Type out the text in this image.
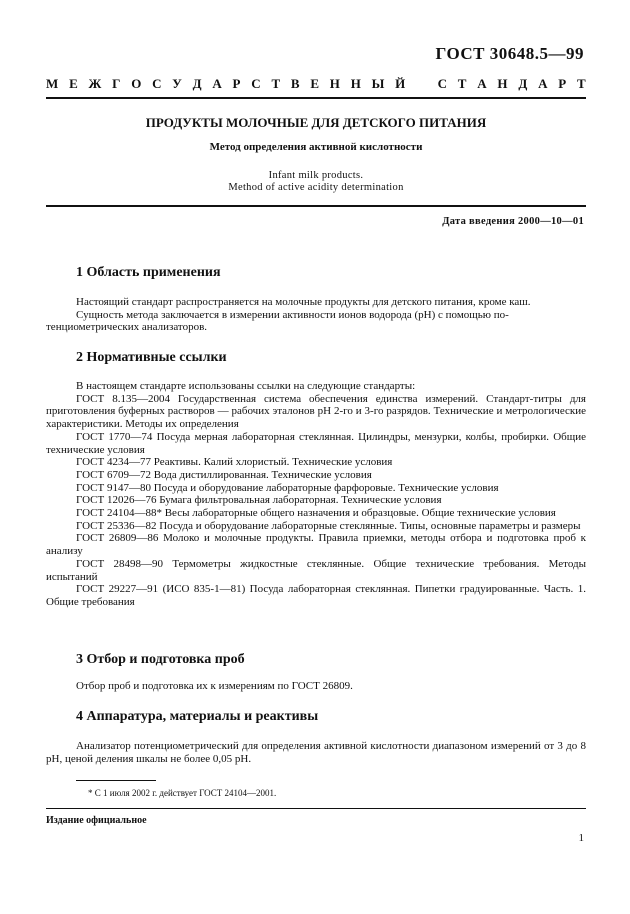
ГОСТ 30648.5—99
М Е Ж Г О С У Д А Р С Т В Е Н Н Ы Й С Т А Н Д А Р Т
ПРОДУКТЫ МОЛОЧНЫЕ ДЛЯ ДЕТСКОГО ПИТАНИЯ
Метод определения активной кислотности
Infant milk products.
Method of active acidity determination
Дата введения 2000—10—01
1 Область применения

Настоящий стандарт распространяется на молочные продукты для детского питания, кроме каш.

Сущность метода заключается в измерении активности ионов водорода (pH) с помощью по-

тенциометрических анализаторов.

2 Нормативные ссылки

В настоящем стандарте использованы ссылки на следующие стандарты:

ГОСТ 8.135—2004 Государственная система обеспечения единства измерений. Стандарт-титры для приготовления буферных растворов — рабочих эталонов pH 2-го и 3-го разрядов. Технические и метрологические характеристики. Методы их определения

ГОСТ 1770—74 Посуда мерная лабораторная стеклянная. Цилиндры, мензурки, колбы, пробирки. Общие технические условия

ГОСТ 4234—77 Реактивы. Калий хлористый. Технические условия

ГОСТ 6709—72 Вода дистиллированная. Технические условия

ГОСТ 9147—80 Посуда и оборудование лабораторные фарфоровые. Технические условия

ГОСТ 12026—76 Бумага фильтровальная лабораторная. Технические условия

ГОСТ 24104—88* Весы лабораторные общего назначения и образцовые. Общие технические условия

ГОСТ 25336—82 Посуда и оборудование лабораторные стеклянные. Типы, основные параметры и размеры

ГОСТ 26809—86 Молоко и молочные продукты. Правила приемки, методы отбора и подготовка проб к анализу

ГОСТ 28498—90 Термометры жидкостные стеклянные. Общие технические требования. Методы испытаний

ГОСТ 29227—91 (ИСО 835-1—81) Посуда лабораторная стеклянная. Пипетки градуированные. Часть. 1. Общие требования

3 Отбор и подготовка проб
Отбор проб и подготовка их к измерениям по ГОСТ 26809.
4 Аппаратура, материалы и реактивы

Анализатор потенциометрический для определения активной кислотности диапазоном измерений от 3 до 8 pH, ценой деления шкалы не более 0,05 pH.

* С 1 июля 2002 г. действует ГОСТ 24104—2001.
Издание официальное
1
